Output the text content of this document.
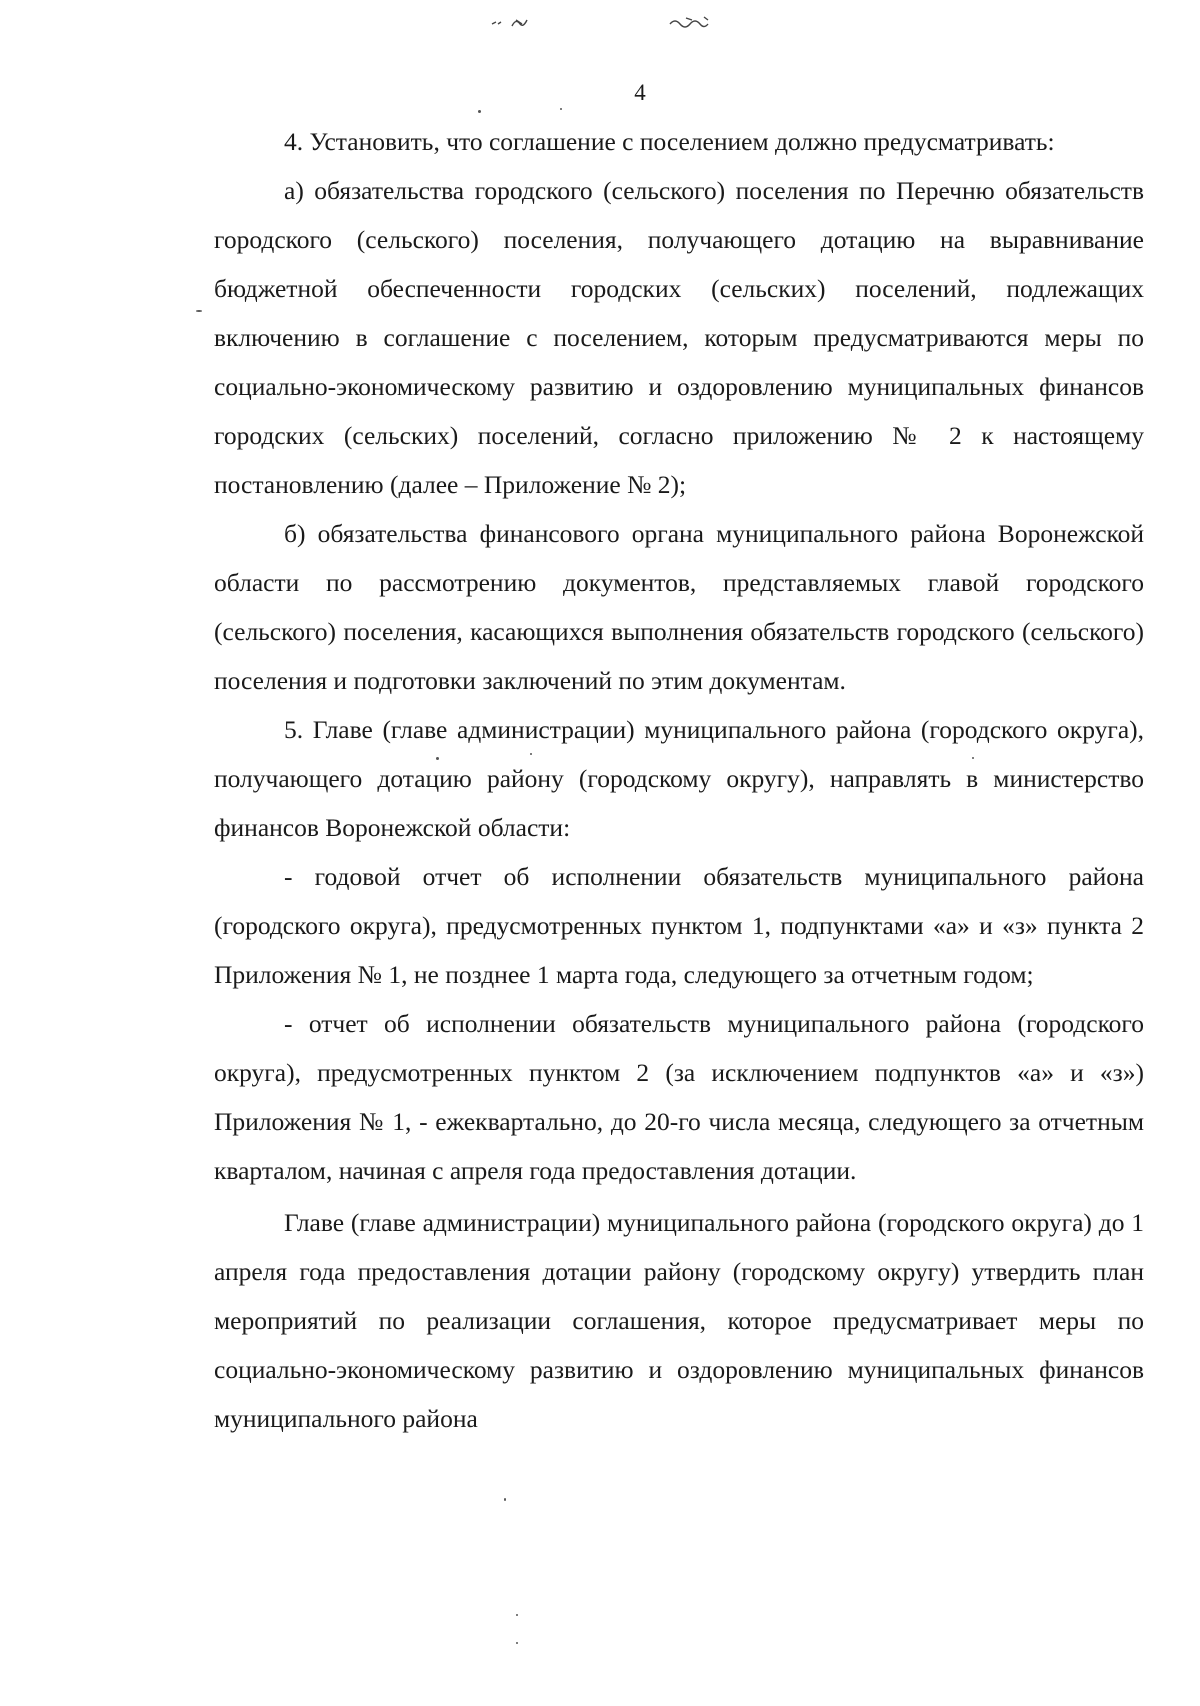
4

4. Установить, что соглашение с поселением должно предусматривать:

а) обязательства городского (сельского) поселения по Перечню обязательств городского (сельского) поселения, получающего дотацию на выравнивание бюджетной обеспеченности городских (сельских) поселений, подлежащих включению в соглашение с поселением, которым предусматриваются меры по социально-экономическому развитию и оздоровлению муниципальных финансов городских (сельских) поселений, согласно приложению № 2 к настоящему постановлению (далее – Приложение № 2);

б) обязательства финансового органа муниципального района Воронежской области по рассмотрению документов, представляемых главой городского (сельского) поселения, касающихся выполнения обязательств городского (сельского) поселения и подготовки заключений по этим документам.

5. Главе (главе администрации) муниципального района (городского округа), получающего дотацию району (городскому округу), направлять в министерство финансов Воронежской области:

- годовой отчет об исполнении обязательств муниципального района (городского округа), предусмотренных пунктом 1, подпунктами «а» и «з» пункта 2 Приложения № 1, не позднее 1 марта года, следующего за отчетным годом;

- отчет об исполнении обязательств муниципального района (городского округа), предусмотренных пунктом 2 (за исключением подпунктов «а» и «з») Приложения № 1, - ежеквартально, до 20-го числа месяца, следующего за отчетным кварталом, начиная с апреля года предоставления дотации.

Главе (главе администрации) муниципального района (городского округа) до 1 апреля года предоставления дотации району (городскому округу) утвердить план мероприятий по реализации соглашения, которое предусматривает меры по социально-экономическому развитию и оздоровлению муниципальных финансов муниципального района
